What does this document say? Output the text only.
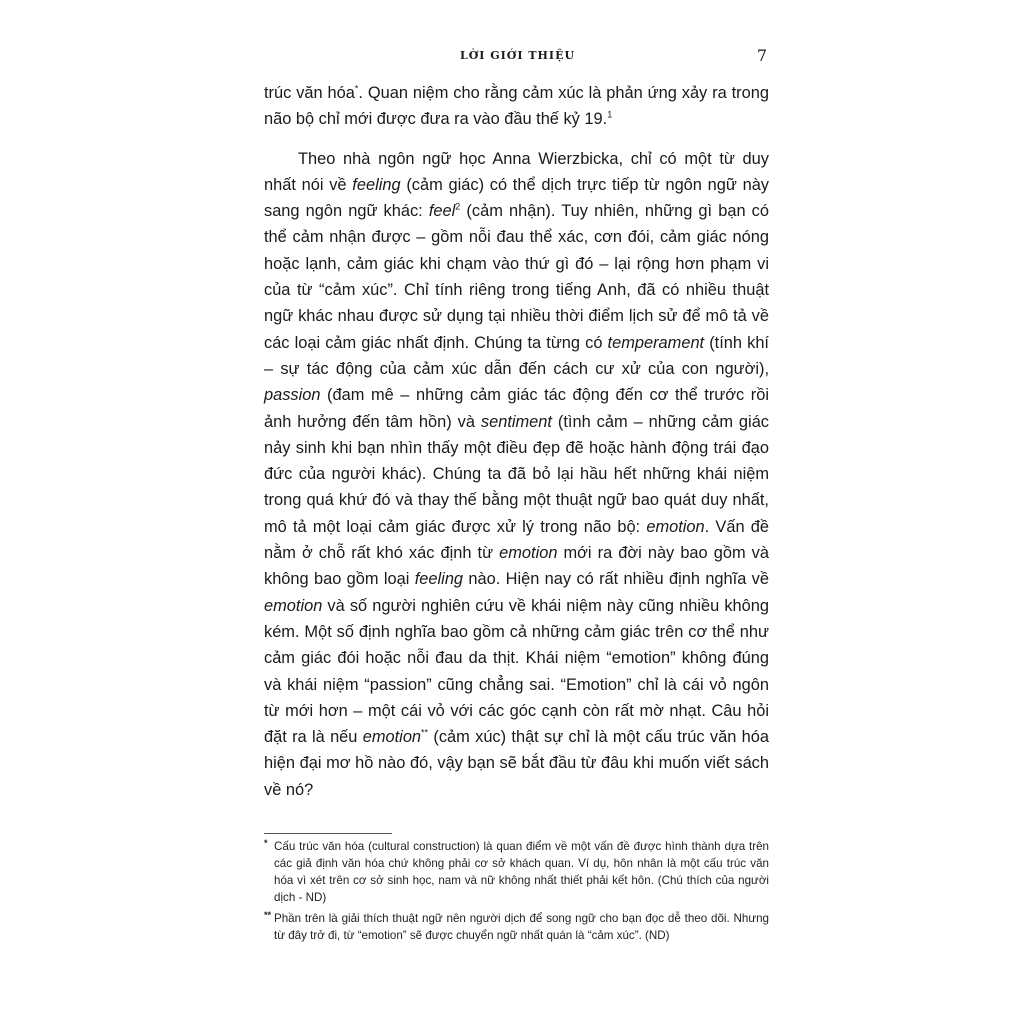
LỜI GIỚI THIỆU	7

trúc văn hóa*. Quan niệm cho rằng cảm xúc là phản ứng xảy ra trong não bộ chỉ mới được đưa ra vào đầu thế kỷ 19.$^1$

Theo nhà ngôn ngữ học Anna Wierzbicka, chỉ có một từ duy nhất nói về feeling (cảm giác) có thể dịch trực tiếp từ ngôn ngữ này sang ngôn ngữ khác: feel$^2$ (cảm nhận). Tuy nhiên, những gì bạn có thể cảm nhận được – gồm nỗi đau thể xác, cơn đói, cảm giác nóng hoặc lạnh, cảm giác khi chạm vào thứ gì đó – lại rộng hơn phạm vi của từ “cảm xúc”. Chỉ tính riêng trong tiếng Anh, đã có nhiều thuật ngữ khác nhau được sử dụng tại nhiều thời điểm lịch sử để mô tả về các loại cảm giác nhất định. Chúng ta từng có temperament (tính khí – sự tác động của cảm xúc dẫn đến cách cư xử của con người), passion (đam mê – những cảm giác tác động đến cơ thể trước rồi ảnh hưởng đến tâm hồn) và sentiment (tình cảm – những cảm giác nảy sinh khi bạn nhìn thấy một điều đẹp đẽ hoặc hành động trái đạo đức của người khác). Chúng ta đã bỏ lại hầu hết những khái niệm trong quá khứ đó và thay thế bằng một thuật ngữ bao quát duy nhất, mô tả một loại cảm giác được xử lý trong não bộ: emotion. Vấn đề nằm ở chỗ rất khó xác định từ emotion mới ra đời này bao gồm và không bao gồm loại feeling nào. Hiện nay có rất nhiều định nghĩa về emotion và số người nghiên cứu về khái niệm này cũng nhiều không kém. Một số định nghĩa bao gồm cả những cảm giác trên cơ thể như cảm giác đói hoặc nỗi đau da thịt. Khái niệm “emotion” không đúng và khái niệm “passion” cũng chẳng sai. “Emotion” chỉ là cái vỏ ngôn từ mới hơn – một cái vỏ với các góc cạnh còn rất mờ nhạt. Câu hỏi đặt ra là nếu emotion** (cảm xúc) thật sự chỉ là một cấu trúc văn hóa hiện đại mơ hồ nào đó, vậy bạn sẽ bắt đầu từ đâu khi muốn viết sách về nó?

* Cấu trúc văn hóa (cultural construction) là quan điểm về một vấn đề được hình thành dựa trên các giả định văn hóa chứ không phải cơ sở khách quan. Ví dụ, hôn nhân là một cấu trúc văn hóa vì xét trên cơ sở sinh học, nam và nữ không nhất thiết phải kết hôn. (Chú thích của người dịch - ND)
** Phần trên là giải thích thuật ngữ nên người dịch để song ngữ cho bạn đọc dễ theo dõi. Nhưng từ đây trở đi, từ “emotion” sẽ được chuyển ngữ nhất quán là “cảm xúc”. (ND)
